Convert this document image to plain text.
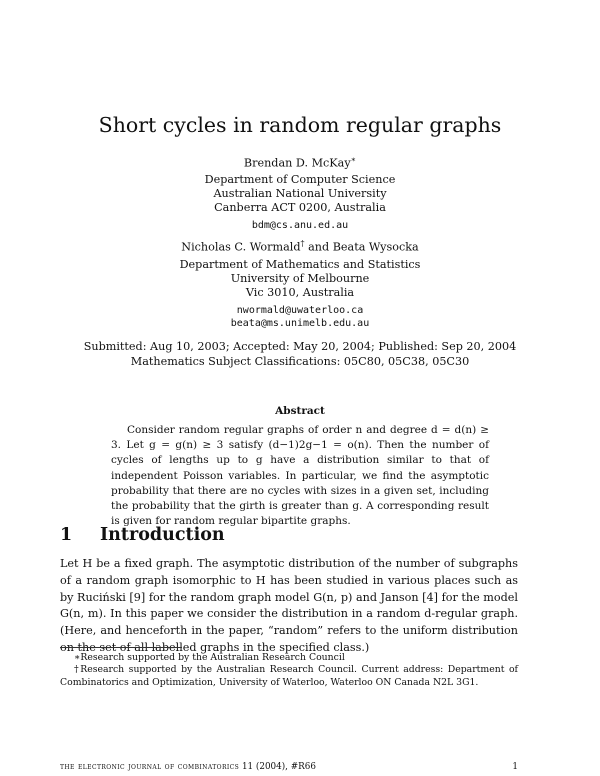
Short cycles in random regular graphs
Brendan D. McKay∗
Department of Computer Science
Australian National University
Canberra ACT 0200, Australia
bdm@cs.anu.ed.au
Nicholas C. Wormald† and Beata Wysocka
Department of Mathematics and Statistics
University of Melbourne
Vic 3010, Australia
nwormald@uwaterloo.ca
beata@ms.unimelb.edu.au
Submitted: Aug 10, 2003; Accepted: May 20, 2004; Published: Sep 20, 2004
Mathematics Subject Classifications: 05C80, 05C38, 05C30
Abstract

Consider random regular graphs of order n and degree d = d(n) ≥ 3. Let g = g(n) ≥ 3 satisfy (d−1)2g−1 = o(n). Then the number of cycles of lengths up to g have a distribution similar to that of independent Poisson variables. In particular, we find the asymptotic probability that there are no cycles with sizes in a given set, including the probability that the girth is greater than g. A corresponding result is given for random regular bipartite graphs.

1 Introduction

Let H be a fixed graph. The asymptotic distribution of the number of subgraphs of a random graph isomorphic to H has been studied in various places such as by Ruciński [9] for the random graph model G(n, p) and Janson [4] for the model G(n, m). In this paper we consider the distribution in a random d-regular graph. (Here, and henceforth in the paper, “random” refers to the uniform distribution on the set of all labelled graphs in the specified class.)

∗Research supported by the Australian Research Council

†Research supported by the Australian Research Council. Current address: Department of Combinatorics and Optimization, University of Waterloo, Waterloo ON Canada N2L 3G1.

the electronic journal of combinatorics 11 (2004), #R66	1
